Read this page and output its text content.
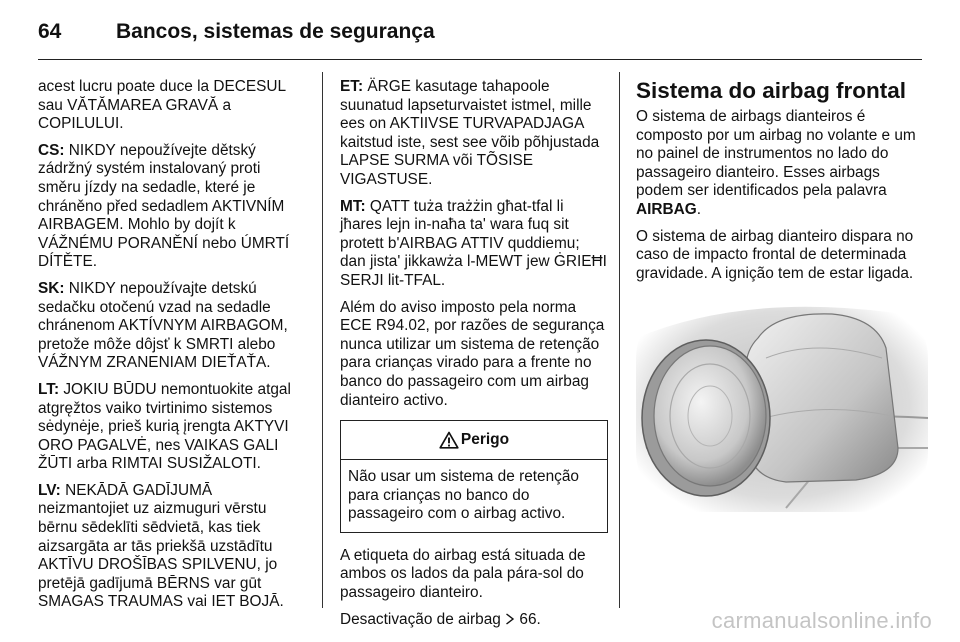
64	Bancos, sistemas de segurança

acest lucru poate duce la DECESUL sau VĂTĂMAREA GRAVĂ a COPILULUI.

CS: NIKDY nepoužívejte dětský zádržný systém instalovaný proti směru jízdy na sedadle, které je chráněno před sedadlem AKTIVNÍM AIRBAGEM. Mohlo by dojít k VÁŽNÉMU PORANĚNÍ nebo ÚMRTÍ DÍTĚTE.

SK: NIKDY nepoužívajte detskú sedačku otočenú vzad na sedadle chránenom AKTÍVNYM AIRBAGOM, pretože môže dôjsť k SMRTI alebo VÁŽNYM ZRANENIAM DIEŤAŤA.

LT: JOKIU BŪDU nemontuokite atgal atgręžtos vaiko tvirtinimo sistemos sėdynėje, prieš kurią įrengta AKTYVI ORO PAGALVĖ, nes VAIKAS GALI ŽŪTI arba RIMTAI SUSIŽALOTI.

LV: NEKĀDĀ GADĪJUMĀ neizmantojiet uz aizmuguri vērstu bērnu sēdeklīti sēdvietā, kas tiek aizsargāta ar tās priekšā uzstādītu AKTĪVU DROŠĪBAS SPILVENU, jo pretējā gadījumā BĒRNS var gūt SMAGAS TRAUMAS vai IET BOJĀ.

ET: ÄRGE kasutage tahapoole suunatud lapseturvaistet istmel, mille ees on AKTIIVSE TURVAPADJAGA kaitstud iste, sest see võib põhjustada LAPSE SURMA või TÕSISE VIGASTUSE.

MT: QATT tuża trażżin għat-tfal li jħares lejn in-naħa ta' wara fuq sit protett b'AIRBAG ATTIV quddiemu; dan jista' jikkawża l-MEWT jew ĠRIEĦI SERJI lit-TFAL.

Além do aviso imposto pela norma ECE R94.02, por razões de segurança nunca utilizar um sistema de retenção para crianças virado para a frente no banco do passageiro com um airbag dianteiro activo.

Perigo
Não usar um sistema de retenção para crianças no banco do passageiro com o airbag activo.

A etiqueta do airbag está situada de ambos os lados da pala pára-sol do passageiro dianteiro.

Desactivação de airbag  66.

Sistema do airbag frontal

O sistema de airbags dianteiros é composto por um airbag no volante e um no painel de instrumentos no lado do passageiro dianteiro. Esses airbags podem ser identificados pela palavra AIRBAG.

O sistema de airbag dianteiro dispara no caso de impacto frontal de determinada gravidade. A ignição tem de estar ligada.

carmanualsonline.info
